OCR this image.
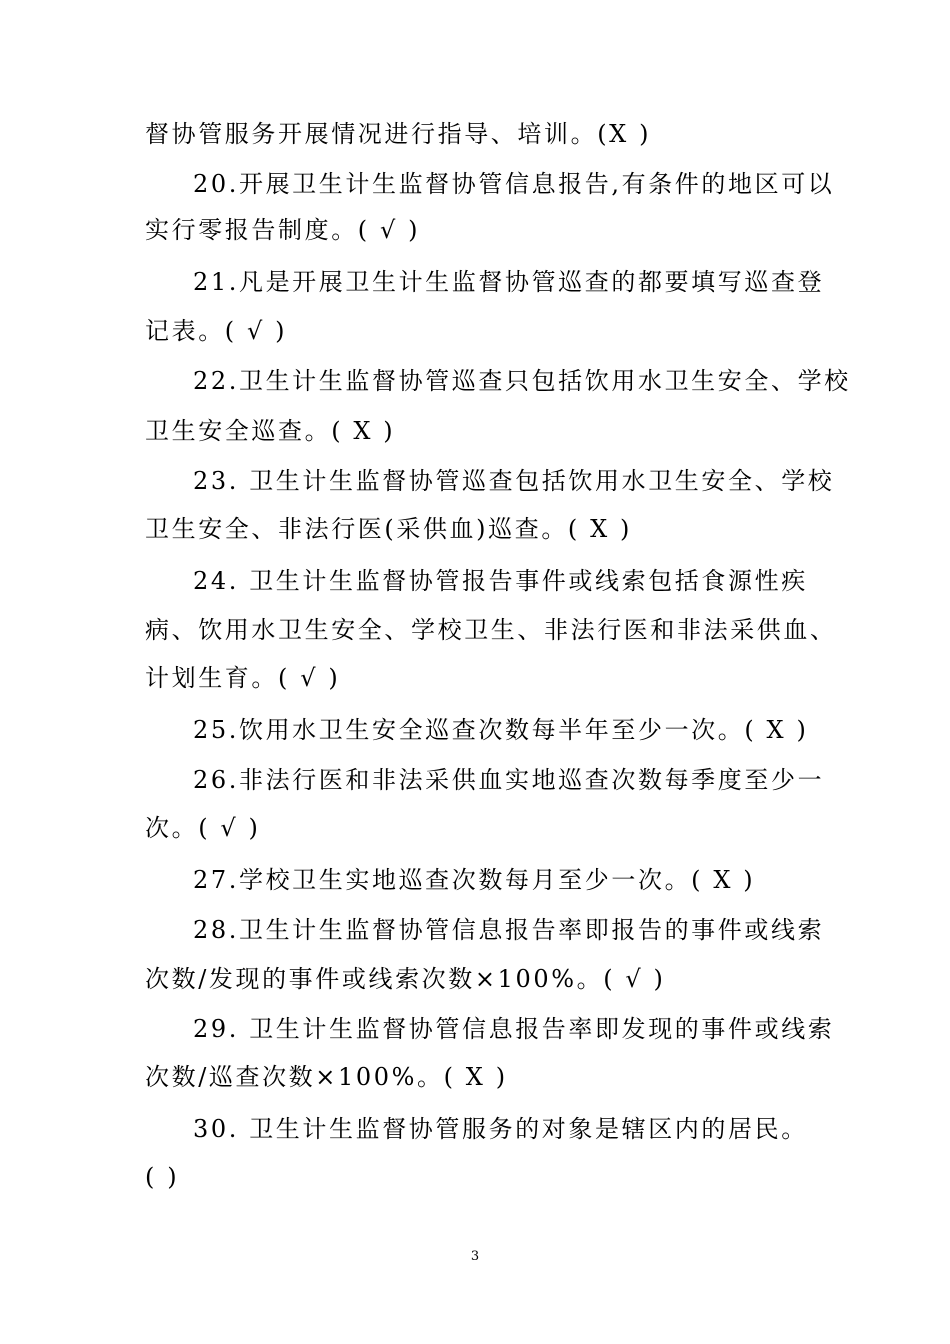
督协管服务开展情况进行指导、培训。(X )
20.开展卫生计生监督协管信息报告,有条件的地区可以
实行零报告制度。( √ )
21.凡是开展卫生计生监督协管巡查的都要填写巡查登
记表。( √ )
22.卫生计生监督协管巡查只包括饮用水卫生安全、学校
卫生安全巡查。( X )
23. 卫生计生监督协管巡查包括饮用水卫生安全、学校
卫生安全、非法行医(采供血)巡查。( X )
24. 卫生计生监督协管报告事件或线索包括食源性疾
病、饮用水卫生安全、学校卫生、非法行医和非法采供血、
计划生育。( √ )
25.饮用水卫生安全巡查次数每半年至少一次。( X )
26.非法行医和非法采供血实地巡查次数每季度至少一
次。( √ )
27.学校卫生实地巡查次数每月至少一次。( X )
28.卫生计生监督协管信息报告率即报告的事件或线索
次数/发现的事件或线索次数×100%。( √ )
29. 卫生计生监督协管信息报告率即发现的事件或线索
次数/巡查次数×100%。( X )
30. 卫生计生监督协管服务的对象是辖区内的居民。
( )
3
